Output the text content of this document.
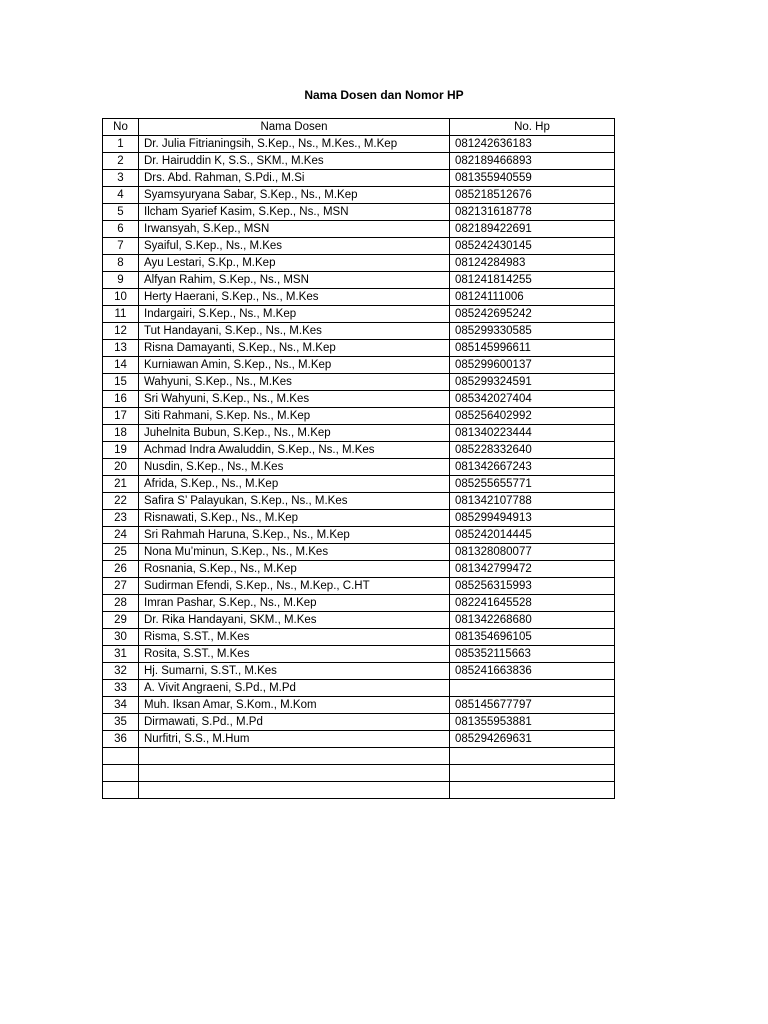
Nama Dosen dan Nomor HP
No	Nama Dosen	No. Hp
1	Dr. Julia Fitrianingsih, S.Kep., Ns., M.Kes., M.Kep	081242636183
2	Dr. Hairuddin K, S.S., SKM., M.Kes	082189466893
3	Drs. Abd. Rahman, S.Pdi., M.Si	081355940559
4	Syamsyuryana Sabar, S.Kep., Ns., M.Kep	085218512676
5	Ilcham Syarief Kasim, S.Kep., Ns., MSN	082131618778
6	Irwansyah, S.Kep., MSN	082189422691
7	Syaiful, S.Kep., Ns., M.Kes	085242430145
8	Ayu Lestari, S.Kp., M.Kep	08124284983
9	Alfyan Rahim, S.Kep., Ns., MSN	081241814255
10	Herty Haerani, S.Kep., Ns., M.Kes	08124111006
11	Indargairi, S.Kep., Ns., M.Kep	085242695242
12	Tut Handayani, S.Kep., Ns., M.Kes	085299330585
13	Risna Damayanti, S.Kep., Ns., M.Kep	085145996611
14	Kurniawan Amin, S.Kep., Ns., M.Kep	085299600137
15	Wahyuni, S.Kep., Ns., M.Kes	085299324591
16	Sri Wahyuni, S.Kep., Ns., M.Kes	085342027404
17	Siti Rahmani, S.Kep. Ns., M.Kep	085256402992
18	Juhelnita Bubun, S.Kep., Ns., M.Kep	081340223444
19	Achmad Indra Awaluddin, S.Kep., Ns., M.Kes	085228332640
20	Nusdin, S.Kep., Ns., M.Kes	081342667243
21	Afrida, S.Kep., Ns., M.Kep	085255655771
22	Safira S’ Palayukan, S.Kep., Ns., M.Kes	081342107788
23	Risnawati, S.Kep., Ns., M.Kep	085299494913
24	Sri Rahmah Haruna, S.Kep., Ns., M.Kep	085242014445
25	Nona Mu’minun, S.Kep., Ns., M.Kes	081328080077
26	Rosnania, S.Kep., Ns., M.Kep	081342799472
27	Sudirman Efendi, S.Kep., Ns., M.Kep., C.HT	085256315993
28	Imran Pashar, S.Kep., Ns., M.Kep	082241645528
29	Dr. Rika Handayani, SKM., M.Kes	081342268680
30	Risma, S.ST., M.Kes	081354696105
31	Rosita, S.ST., M.Kes	085352115663
32	Hj. Sumarni, S.ST., M.Kes	085241663836
33	A. Vivit Angraeni, S.Pd., M.Pd	
34	Muh. Iksan Amar, S.Kom., M.Kom	085145677797
35	Dirmawati, S.Pd., M.Pd	081355953881
36	Nurfitri, S.S., M.Hum	085294269631
